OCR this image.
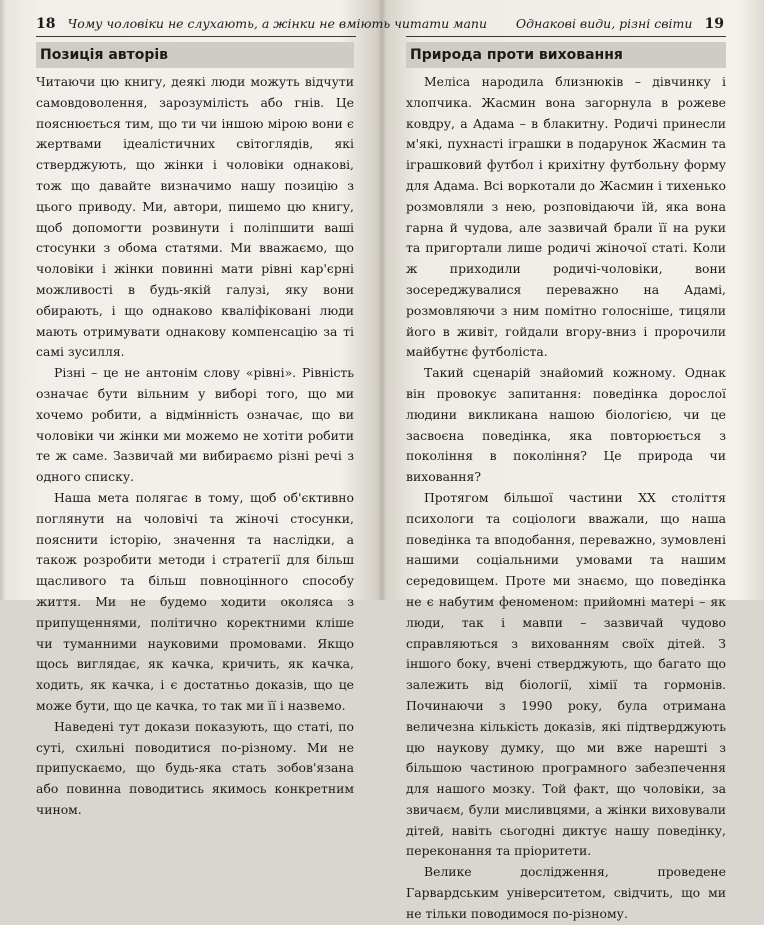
18 Чому чоловіки не слухають, а жінки не вміють читати мапи
Позиція авторів

Читаючи цю книгу, деякі люди можуть відчути самовдоволення, зарозумілість або гнів. Це пояснюється тим, що ти чи іншою мірою вони є жертвами ідеалістичних світоглядів, які стверджують, що жінки і чоловіки однакові, тож що давайте визначимо нашу позицію з цього приводу. Ми, автори, пишемо цю книгу, щоб допомогти розвинути і поліпшити ваші стосунки з обома статями. Ми вважаємо, що чоловіки і жінки повинні мати рівні кар'єрні можливості в будь-якій галузі, яку вони обирають, і що однаково кваліфіковані люди мають отримувати однакову компенсацію за ті самі зусилля.

Різні – це не антонім слову «рівні». Рівність означає бути вільним у виборі того, що ми хочемо робити, а відмінність означає, що ви чоловіки чи жінки ми можемо не хотіти робити те ж саме. Зазвичай ми вибираємо різні речі з одного списку.

Наша мета полягає в тому, щоб об'єктивно поглянути на чоловічі та жіночі стосунки, пояснити історію, значення та наслідки, а також розробити методи і стратегії для більш щасливого та більш повноцінного способу життя. Ми не будемо ходити околяса з припущеннями, політично коректними кліше чи туманними науковими промовами. Якщо щось виглядає, як качка, кричить, як качка, ходить, як качка, і є достатньо доказів, що це може бути, що це качка, то так ми її і назвемо.

Наведені тут докази показують, що статі, по суті, схильні поводитися по-різному. Ми не припускаємо, що будь-яка стать зобов'язана або повинна поводитись якимось конкретним чином.

Однакові види, різні світи 19
Природа проти виховання

Меліса народила близнюків – дівчинку і хлопчика. Жасмин вона загорнула в рожеве ковдру, а Адама – в блакитну. Родичі принесли м'які, пухнасті іграшки в подарунок Жасмин та іграшковий футбол і крихітну футбольну форму для Адама. Всі воркотали до Жасмин і тихенько розмовляли з нею, розповідаючи їй, яка вона гарна й чудова, але зазвичай брали її на руки та пригортали лише родичі жіночої статі. Коли ж приходили родичі-чоловіки, вони зосереджувалися переважно на Адамі, розмовляючи з ним помітно голосніше, тицяли його в живіт, гойдали вгору-вниз і пророчили майбутнє футболіста.

Такий сценарій знайомий кожному. Однак він провокує запитання: поведінка дорослої людини викликана нашою біологією, чи це засвоєна поведінка, яка повторюється з покоління в покоління? Це природа чи виховання?

Протягом більшої частини ХХ століття психологи та соціологи вважали, що наша поведінка та вподобання, переважно, зумовлені нашими соціальними умовами та нашим середовищем. Проте ми знаємо, що поведінка не є набутим феноменом: прийомні матері – як люди, так і мавпи – зазвичай чудово справляються з вихованням своїх дітей. З іншого боку, вчені стверджують, що багато що залежить від біології, хімії та гормонів. Починаючи з 1990 року, була отримана величезна кількість доказів, які підтверджують цю наукову думку, що ми вже нарешті з більшою частиною програмного забезпечення для нашого мозку. Той факт, що чоловіки, за звичаєм, були мисливцями, а жінки виховували дітей, навіть сьогодні диктує нашу поведінку, переконання та пріоритети.

Велике дослідження, проведене Гарвардським університетом, свідчить, що ми не тільки поводимося по-різному.
